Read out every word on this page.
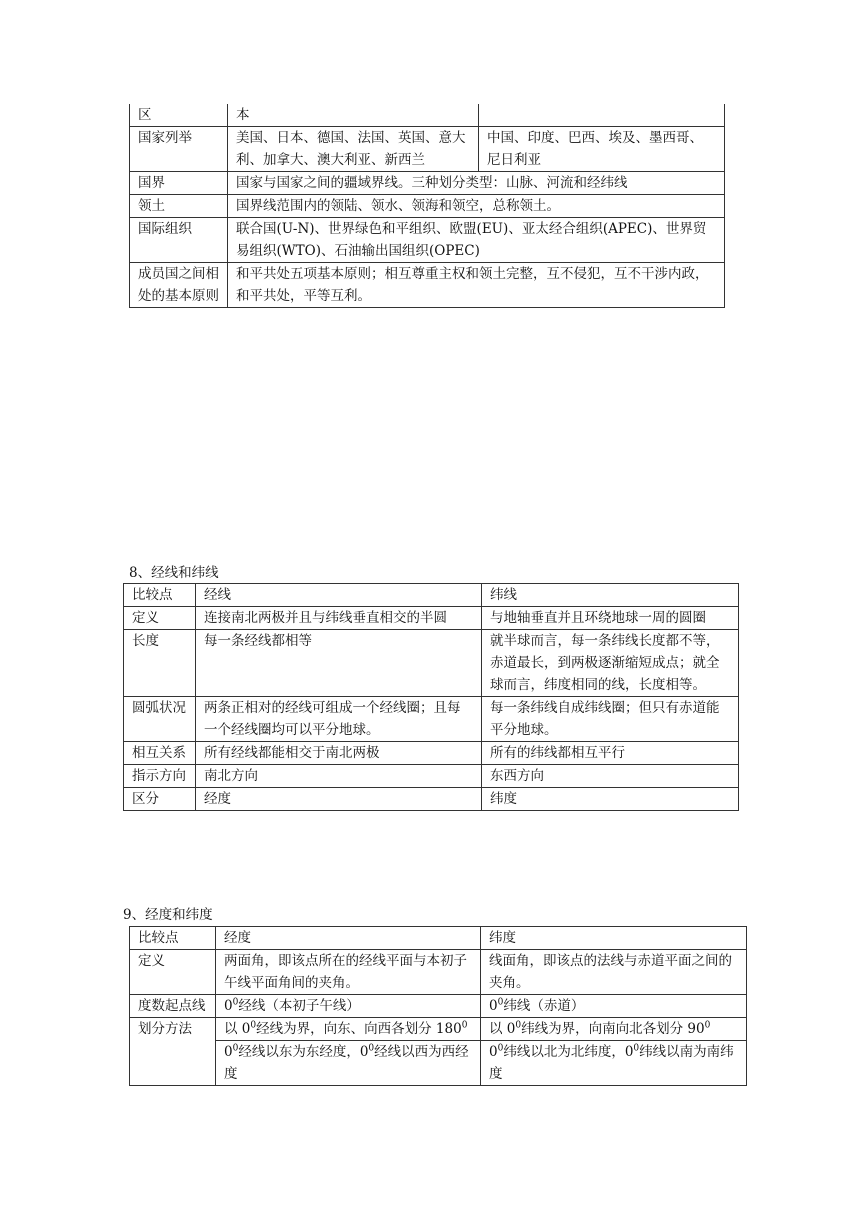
区	本	
国家列举	美国、日本、德国、法国、英国、意大利、加拿大、澳大利亚、新西兰	中国、印度、巴西、埃及、墨西哥、尼日利亚
国界	国家与国家之间的疆域界线。三种划分类型：山脉、河流和经纬线	
领土	国界线范围内的领陆、领水、领海和领空，总称领土。	
国际组织	联合国(U-N)、世界绿色和平组织、欧盟(EU)、亚太经合组织(APEC)、世界贸易组织(WTO)、石油输出国组织(OPEC)	
成员国之间相处的基本原则	和平共处五项基本原则；相互尊重主权和领土完整，互不侵犯，互不干涉内政，和平共处，平等互利。	

8、经线和纬线

比较点	经线	纬线
定义	连接南北两极并且与纬线垂直相交的半圆	与地轴垂直并且环绕地球一周的圆圈
长度	每一条经线都相等	就半球而言，每一条纬线长度都不等，赤道最长，到两极逐渐缩短成点；就全球而言，纬度相同的线，长度相等。
圆弧状况	两条正相对的经线可组成一个经线圈；且每一个经线圈均可以平分地球。	每一条纬线自成纬线圈；但只有赤道能平分地球。
相互关系	所有经线都能相交于南北两极	所有的纬线都相互平行
指示方向	南北方向	东西方向
区分	经度	纬度

9、经度和纬度

比较点	经度	纬度
定义	两面角，即该点所在的经线平面与本初子午线平面角间的夹角。	线面角，即该点的法线与赤道平面之间的夹角。
度数起点线	$0^0$经线（本初子午线）	$0^0$纬线（赤道）
划分方法	以 $0^0$经线为界，向东、向西各划分 $180^0$	以 $0^0$纬线为界，向南向北各划分 $90^0$
	$0^0$经线以东为东经度，$0^0$经线以西为西经度	$0^0$纬线以北为北纬度，$0^0$纬线以南为南纬度
